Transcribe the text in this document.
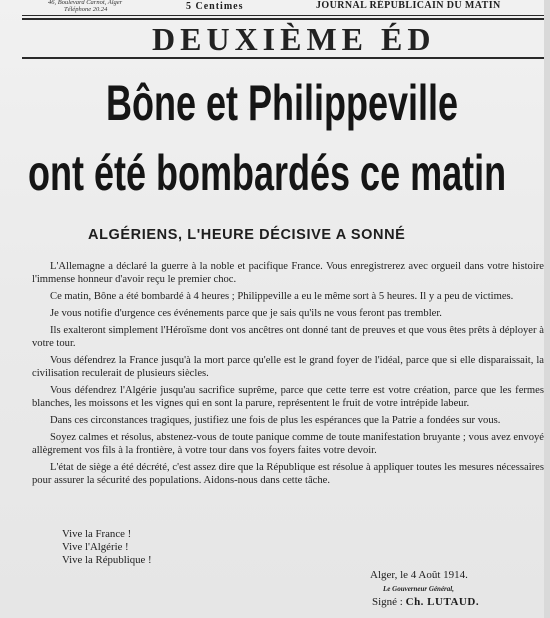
46, Boulevard Carnot, Alger
Téléphone 20.24	5 Centimes	JOURNAL RÉPUBLICAIN DU MATIN
DEUXIÈME ÉD
Bône et Philippeville
ont été bombardés ce matin
ALGÉRIENS, L'HEURE DÉCISIVE A SONNÉ

L'Allemagne a déclaré la guerre à la noble et pacifique France. Vous enregistrerez avec orgueil dans votre histoire l'immense honneur d'avoir reçu le premier choc.

Ce matin, Bône a été bombardé à 4 heures ; Philippeville a eu le même sort à 5 heures. Il y a peu de victimes.

Je vous notifie d'urgence ces événements parce que je sais qu'ils ne vous feront pas trembler.

Ils exalteront simplement l'Héroïsme dont vos ancêtres ont donné tant de preuves et que vous êtes prêts à déployer à votre tour.

Vous défendrez la France jusqu'à la mort parce qu'elle est le grand foyer de l'idéal, parce que si elle disparaissait, la civilisation reculerait de plusieurs siècles.

Vous défendrez l'Algérie jusqu'au sacrifice suprême, parce que cette terre est votre création, parce que les fermes blanches, les moissons et les vignes qui en sont la parure, représentent le fruit de votre intrépide labeur.

Dans ces circonstances tragiques, justifiez une fois de plus les espérances que la Patrie a fondées sur vous.

Soyez calmes et résolus, abstenez-vous de toute panique comme de toute manifestation bruyante ; vous avez envoyé allègrement vos fils à la frontière, à votre tour dans vos foyers faites votre devoir.

L'état de siège a été décrété, c'est assez dire que la République est résolue à appliquer toutes les mesures nécessaires pour assurer la sécurité des populations. Aidons-nous dans cette tâche.

Vive la France !
Vive l'Algérie !
Vive la République !
Alger, le 4 Août 1914.
Le Gouverneur Général,
Signé : Ch. LUTAUD.
